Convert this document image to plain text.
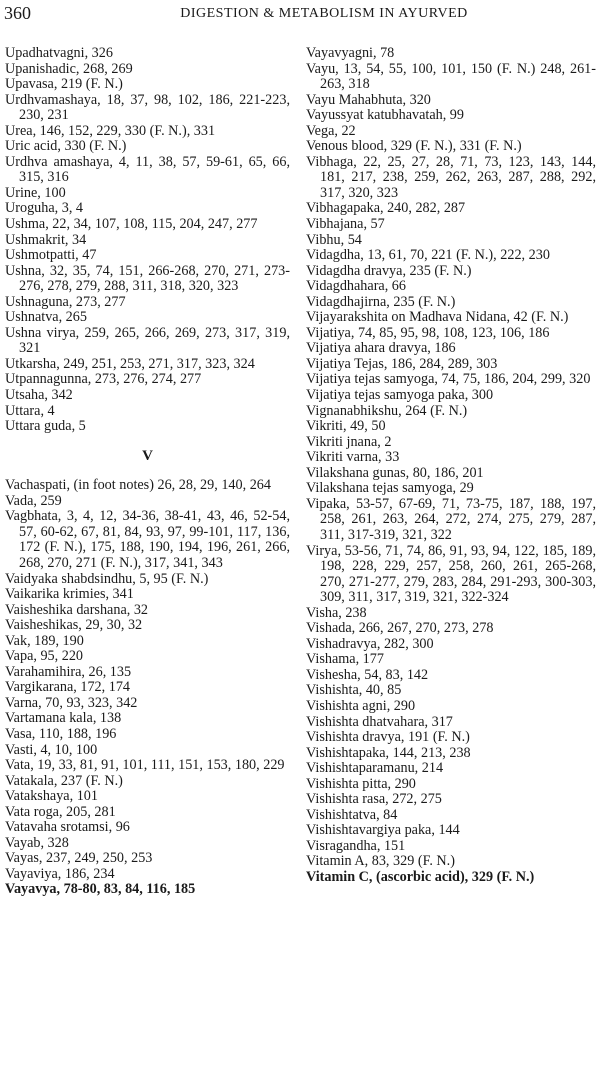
360	DIGESTION & METABOLISM IN AYURVED
Upadhatvagni, 326
Upanishadic, 268, 269
Upavasa, 219 (F. N.)
Urdhvamashaya, 18, 37, 98, 102, 186, 221-223, 230, 231
Urea, 146, 152, 229, 330 (F. N.), 331
Uric acid, 330 (F. N.)
Urdhva amashaya, 4, 11, 38, 57, 59-61, 65, 66, 315, 316
Urine, 100
Uroguha, 3, 4
Ushma, 22, 34, 107, 108, 115, 204, 247, 277
Ushmakrit, 34
Ushmotpatti, 47
Ushna, 32, 35, 74, 151, 266-268, 270, 271, 273-276, 278, 279, 288, 311, 318, 320, 323
Ushnaguna, 273, 277
Ushnatva, 265
Ushna virya, 259, 265, 266, 269, 273, 317, 319, 321
Utkarsha, 249, 251, 253, 271, 317, 323, 324
Utpannagunna, 273, 276, 274, 277
Utsaha, 342
Uttara, 4
Uttara guda, 5
V
Vachaspati, (in foot notes) 26, 28, 29, 140, 264
Vada, 259
Vagbhata, 3, 4, 12, 34-36, 38-41, 43, 46, 52-54, 57, 60-62, 67, 81, 84, 93, 97, 99-101, 117, 136, 172 (F. N.), 175, 188, 190, 194, 196, 261, 266, 268, 270, 271 (F. N.), 317, 341, 343
Vaidyaka shabdsindhu, 5, 95 (F. N.)
Vaikarika krimies, 341
Vaisheshika darshana, 32
Vaisheshikas, 29, 30, 32
Vak, 189, 190
Vapa, 95, 220
Varahamihira, 26, 135
Vargikarana, 172, 174
Varna, 70, 93, 323, 342
Vartamana kala, 138
Vasa, 110, 188, 196
Vasti, 4, 10, 100
Vata, 19, 33, 81, 91, 101, 111, 151, 153, 180, 229
Vatakala, 237 (F. N.)
Vatakshaya, 101
Vata roga, 205, 281
Vatavaha srotamsi, 96
Vayab, 328
Vayas, 237, 249, 250, 253
Vayaviya, 186, 234
Vayavya, 78-80, 83, 84, 116, 185
Vayavyagni, 78
Vayu, 13, 54, 55, 100, 101, 150 (F. N.) 248, 261-263, 318
Vayu Mahabhuta, 320
Vayussyat katubhavatah, 99
Vega, 22
Venous blood, 329 (F. N.), 331 (F. N.)
Vibhaga, 22, 25, 27, 28, 71, 73, 123, 143, 144, 181, 217, 238, 259, 262, 263, 287, 288, 292, 317, 320, 323
Vibhagapaka, 240, 282, 287
Vibhajana, 57
Vibhu, 54
Vidagdha, 13, 61, 70, 221 (F. N.), 222, 230
Vidagdha dravya, 235 (F. N.)
Vidagdhahara, 66
Vidagdhajirna, 235 (F. N.)
Vijayarakshita on Madhava Nidana, 42 (F. N.)
Vijatiya, 74, 85, 95, 98, 108, 123, 106, 186
Vijatiya ahara dravya, 186
Vijatiya Tejas, 186, 284, 289, 303
Vijatiya tejas samyoga, 74, 75, 186, 204, 299, 320
Vijatiya tejas samyoga paka, 300
Vignanabhikshu, 264 (F. N.)
Vikriti, 49, 50
Vikriti jnana, 2
Vikriti varna, 33
Vilakshana gunas, 80, 186, 201
Vilakshana tejas samyoga, 29
Vipaka, 53-57, 67-69, 71, 73-75, 187, 188, 197, 258, 261, 263, 264, 272, 274, 275, 279, 287, 311, 317-319, 321, 322
Virya, 53-56, 71, 74, 86, 91, 93, 94, 122, 185, 189, 198, 228, 229, 257, 258, 260, 261, 265-268, 270, 271-277, 279, 283, 284, 291-293, 300-303, 309, 311, 317, 319, 321, 322-324
Visha, 238
Vishada, 266, 267, 270, 273, 278
Vishadravya, 282, 300
Vishama, 177
Vishesha, 54, 83, 142
Vishishta, 40, 85
Vishishta agni, 290
Vishishta dhatvahara, 317
Vishishta dravya, 191 (F. N.)
Vishishtapaka, 144, 213, 238
Vishishtaparamanu, 214
Vishishta pitta, 290
Vishishta rasa, 272, 275
Vishishtatva, 84
Vishishtavargiya paka, 144
Visragandha, 151
Vitamin A, 83, 329 (F. N.)
Vitamin C, (ascorbic acid), 329 (F. N.)
